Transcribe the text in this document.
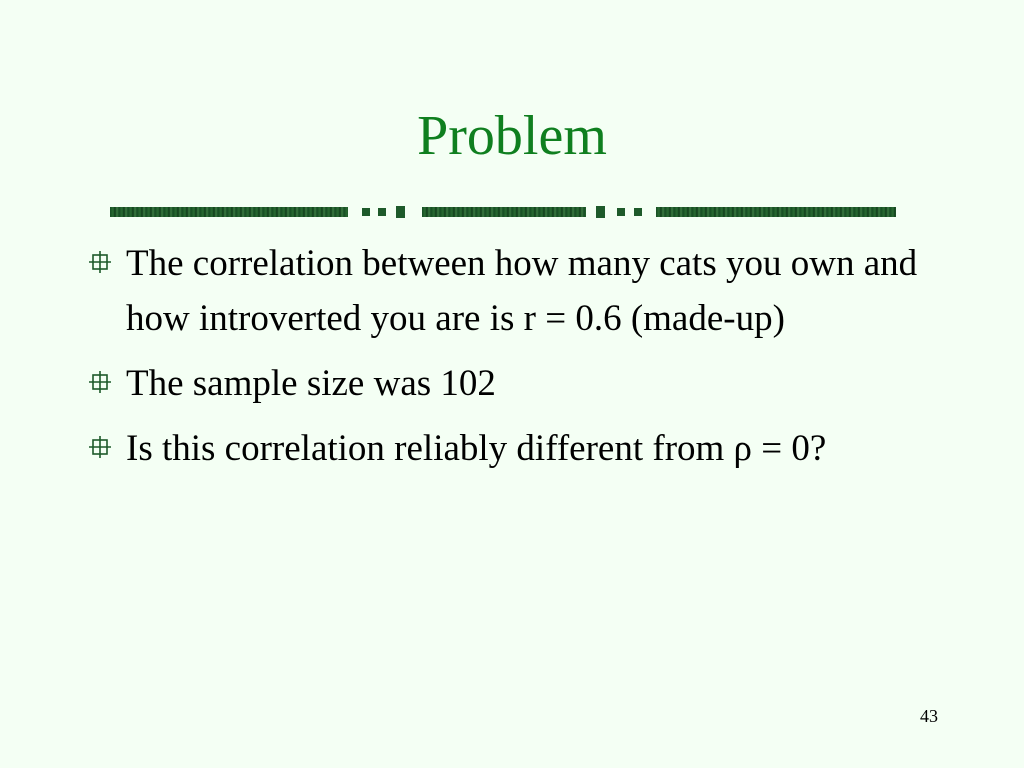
Problem
The correlation between how many cats you own and how introverted you are is r = 0.6 (made-up)
The sample size was 102
Is this correlation reliably different from ρ = 0?
43
